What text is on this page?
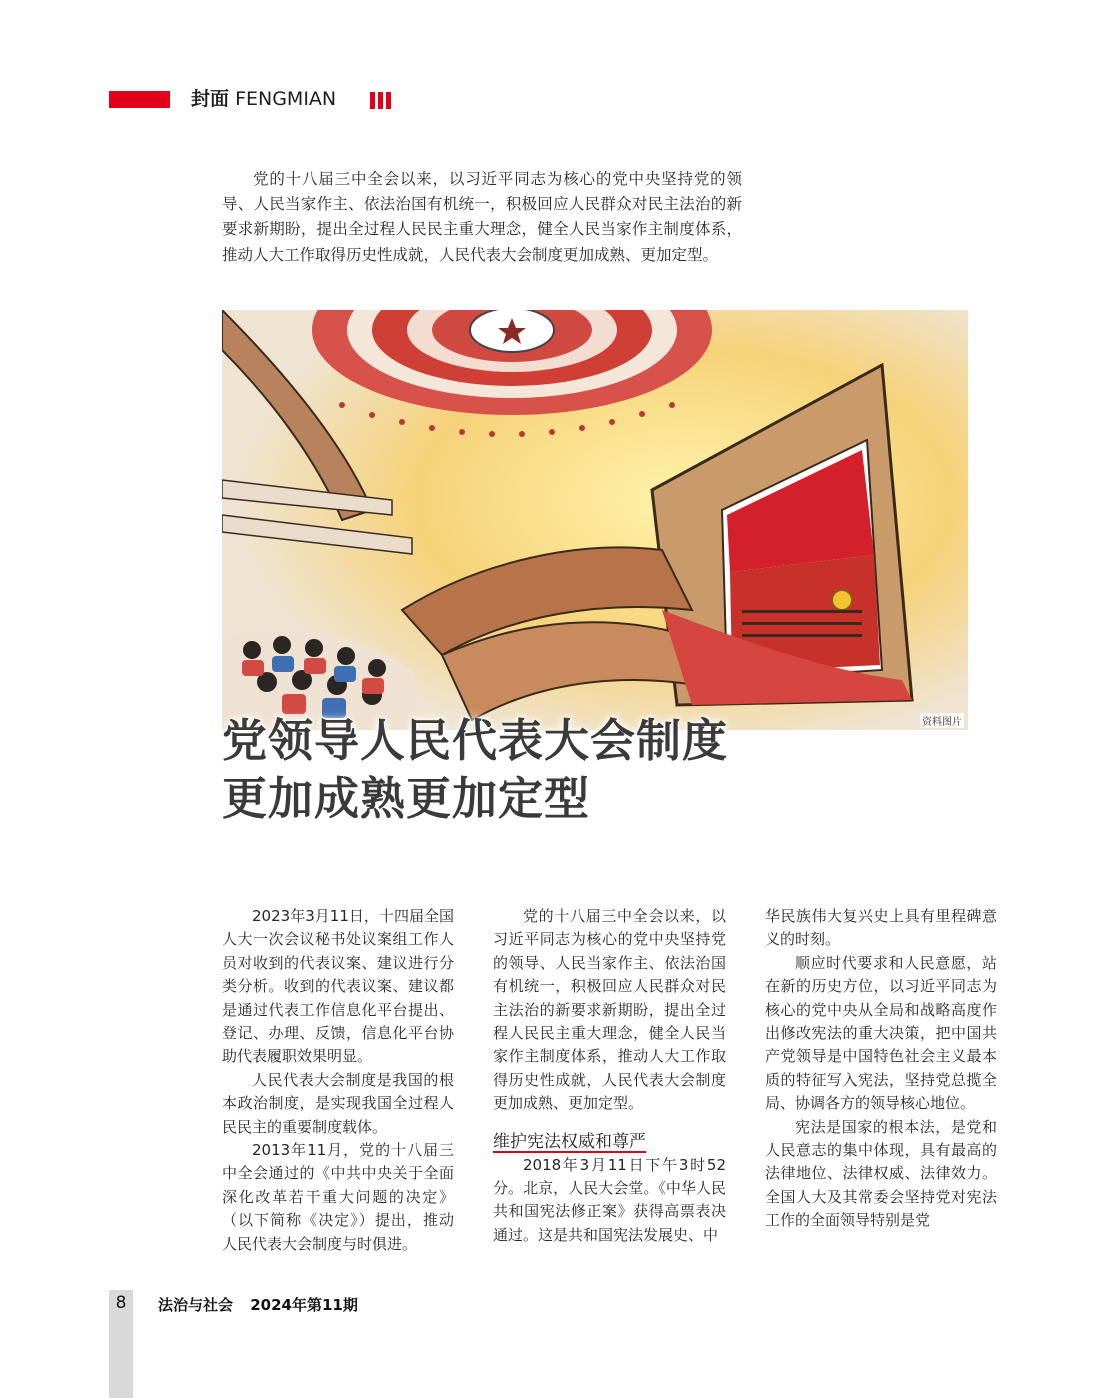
封面 FENGMIAN

党的十八届三中全会以来，以习近平同志为核心的党中央坚持党的领导、人民当家作主、依法治国有机统一，积极回应人民群众对民主法治的新要求新期盼，提出全过程人民民主重大理念，健全人民当家作主制度体系，推动人大工作取得历史性成就，人民代表大会制度更加成熟、更加定型。

资料图片
党领导人民代表大会制度
更加成熟更加定型

2023年3月11日，十四届全国人大一次会议秘书处议案组工作人员对收到的代表议案、建议进行分类分析。收到的代表议案、建议都是通过代表工作信息化平台提出、登记、办理、反馈，信息化平台协助代表履职效果明显。

人民代表大会制度是我国的根本政治制度，是实现我国全过程人民民主的重要制度载体。

2013年11月，党的十八届三中全会通过的《中共中央关于全面深化改革若干重大问题的决定》（以下简称《决定》）提出，推动人民代表大会制度与时俱进。

党的十八届三中全会以来，以习近平同志为核心的党中央坚持党的领导、人民当家作主、依法治国有机统一，积极回应人民群众对民主法治的新要求新期盼，提出全过程人民民主重大理念，健全人民当家作主制度体系，推动人大工作取得历史性成就，人民代表大会制度更加成熟、更加定型。

维护宪法权威和尊严

2018年3月11日下午3时52分。北京，人民大会堂。《中华人民共和国宪法修正案》获得高票表决通过。这是共和国宪法发展史、中

华民族伟大复兴史上具有里程碑意义的时刻。

顺应时代要求和人民意愿，站在新的历史方位，以习近平同志为核心的党中央从全局和战略高度作出修改宪法的重大决策，把中国共产党领导是中国特色社会主义最本质的特征写入宪法，坚持党总揽全局、协调各方的领导核心地位。

宪法是国家的根本法，是党和人民意志的集中体现，具有最高的法律地位、法律权威、法律效力。全国人大及其常委会坚持党对宪法工作的全面领导特别是党

8	法治与社会 2024年第11期
